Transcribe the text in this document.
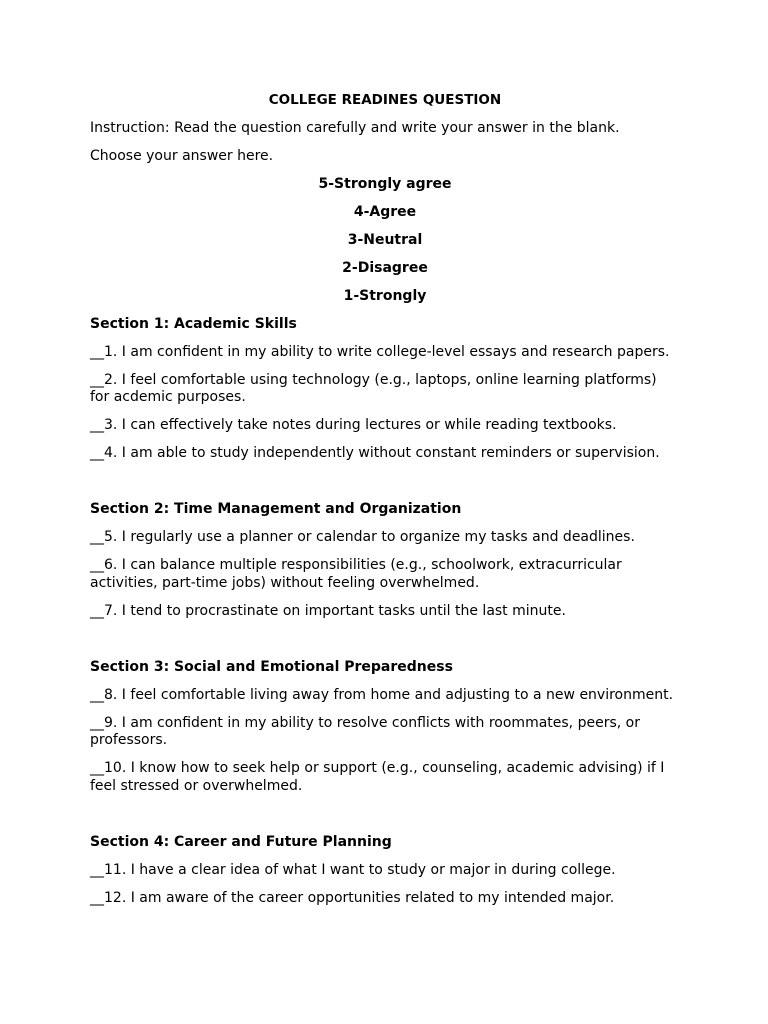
COLLEGE READINES QUESTION
Instruction: Read the question carefully and write your answer in the blank.
Choose your answer here.
5-Strongly agree
4-Agree
3-Neutral
2-Disagree
1-Strongly
Section 1: Academic Skills
__1. I am confident in my ability to write college-level essays and research papers.
__2. I feel comfortable using technology (e.g., laptops, online learning platforms) for acdemic purposes.
__3. I can effectively take notes during lectures or while reading textbooks.
__4. I am able to study independently without constant reminders or supervision.
Section 2: Time Management and Organization
__5. I regularly use a planner or calendar to organize my tasks and deadlines.
__6. I can balance multiple responsibilities (e.g., schoolwork, extracurricular activities, part-time jobs) without feeling overwhelmed.
__7. I tend to procrastinate on important tasks until the last minute.
Section 3: Social and Emotional Preparedness
__8. I feel comfortable living away from home and adjusting to a new environment.
__9. I am confident in my ability to resolve conflicts with roommates, peers, or professors.
__10. I know how to seek help or support (e.g., counseling, academic advising) if I feel stressed or overwhelmed.
Section 4: Career and Future Planning
__11. I have a clear idea of what I want to study or major in during college.
__12. I am aware of the career opportunities related to my intended major.
